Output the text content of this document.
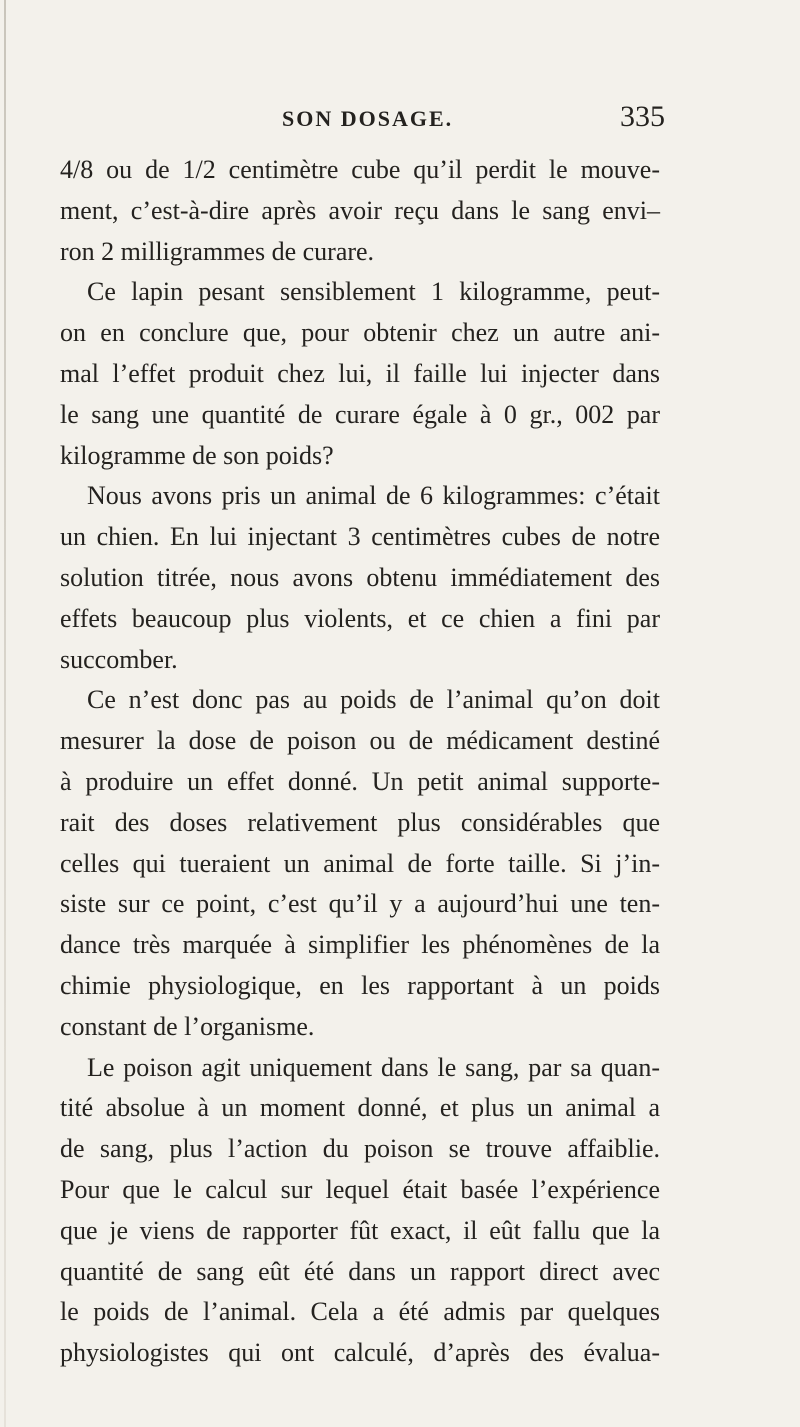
SON DOSAGE.	335
4/8 ou de 1/2 centimètre cube qu’il perdit le mouve-
ment, c’est-à-dire après avoir reçu dans le sang envi–
ron 2 milligrammes de curare.
Ce lapin pesant sensiblement 1 kilogramme, peut-
on en conclure que, pour obtenir chez un autre ani-
mal l’effet produit chez lui, il faille lui injecter dans
le sang une quantité de curare égale à 0 gr., 002 par
kilogramme de son poids?
Nous avons pris un animal de 6 kilogrammes: c’était
un chien. En lui injectant 3 centimètres cubes de notre
solution titrée, nous avons obtenu immédiatement des
effets beaucoup plus violents, et ce chien a fini par
succomber.
Ce n’est donc pas au poids de l’animal qu’on doit
mesurer la dose de poison ou de médicament destiné
à produire un effet donné. Un petit animal supporte-
rait des doses relativement plus considérables que
celles qui tueraient un animal de forte taille. Si j’in-
siste sur ce point, c’est qu’il y a aujourd’hui une ten-
dance très marquée à simplifier les phénomènes de la
chimie physiologique, en les rapportant à un poids
constant de l’organisme.
Le poison agit uniquement dans le sang, par sa quan-
tité absolue à un moment donné, et plus un animal a
de sang, plus l’action du poison se trouve affaiblie.
Pour que le calcul sur lequel était basée l’expérience
que je viens de rapporter fût exact, il eût fallu que la
quantité de sang eût été dans un rapport direct avec
le poids de l’animal. Cela a été admis par quelques
physiologistes qui ont calculé, d’après des évalua-
